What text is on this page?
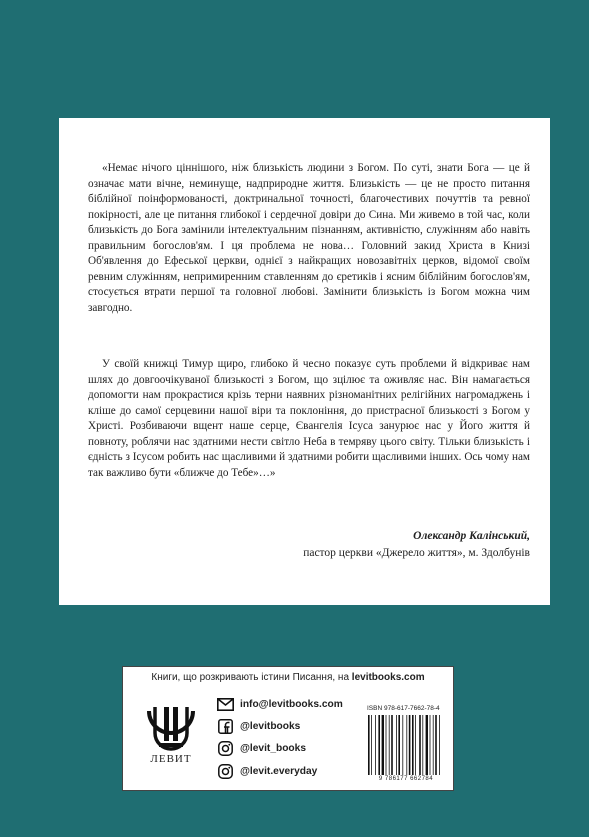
«Немає нічого ціннішого, ніж близькість людини з Богом. По суті, знати Бога — це й означає мати вічне, неминуще, надприродне життя. Близькість — це не просто питання біблійної поінформованості, доктринальної точності, благочестивих почуттів та ревної покірності, але це питання глибокої і сердечної довіри до Сина. Ми живемо в той час, коли близькість до Бога замінили інтелектуальним пізнанням, активністю, служінням або навіть правильним богослов'ям. І ця проблема не нова… Головний закид Христа в Книзі Об'явлення до Ефеської церкви, однієї з найкращих новозавітніх церков, відомої своїм ревним служінням, непримиренним ставленням до єретиків і ясним біблійним богослов'ям, стосується втрати першої та головної любові. Замінити близькість із Богом можна чим завгодно.

У своїй книжці Тимур щиро, глибоко й чесно показує суть проблеми й відкриває нам шлях до довгоочікуваної близькості з Богом, що зцілює та оживляє нас. Він намагається допомогти нам прокрастися крізь терни наявних різноманітних релігійних нагромаджень і кліше до самої серцевини нашої віри та поклоніння, до пристрасної близькості з Богом у Христі. Розбиваючи вщент наше серце, Євангелія Ісуса занурює нас у Його життя й повноту, роблячи нас здатними нести світло Неба в темряву цього світу. Тільки близькість і єдність з Ісусом робить нас щасливими й здатними робити щасливими інших. Ось чому нам так важливо бути «ближче до Тебе»…»

Олександр Калінський,
пастор церкви «Джерело життя», м. Здолбунів
Книги, що розкривають істини Писання, на levitbooks.com
ЛЕВИТ
info@levitbooks.com
@levitbooks
@levit_books
@levit.everyday
ISBN 978-617-7662-78-4
9 786177 662784
